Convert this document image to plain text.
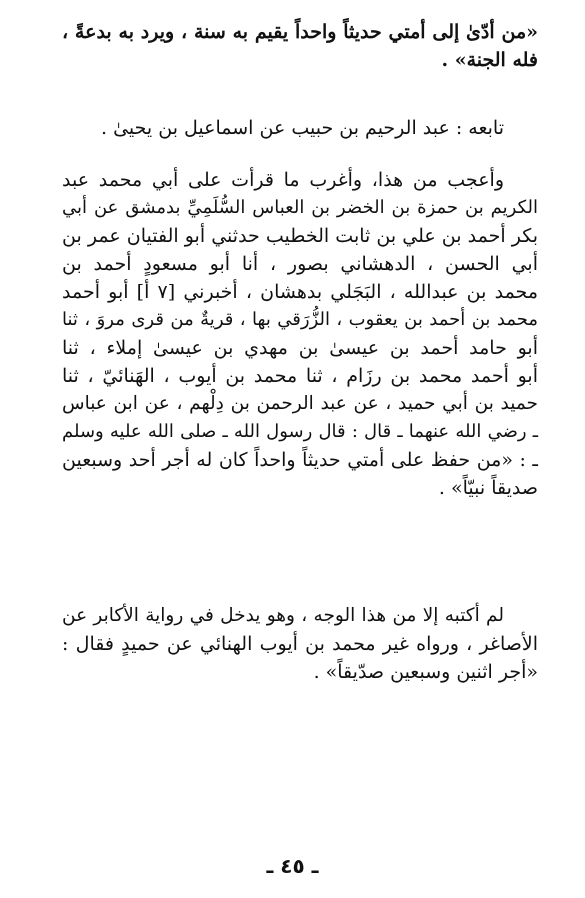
«من أدّىٰ إلى أمتي حديثاً واحداً يقيم به سنة ، ويرد به بدعةً ،
فله الجنة» .
تابعه : عبد الرحيم بن حبيب عن اسماعيل بن يحيىٰ .
وأعجب من هذا، وأغرب ما قرأت على أبي محمد عبد
الكريم بن حمزة بن الخضر بن العباس السُّلَمِيِّ بدمشق عن أبي
بكر أحمد بن علي بن ثابت الخطيب حدثني أبو الفتيان عمر بن
أبي الحسن ، الدهشاني بصور ، أنا أبو مسعودٍ أحمد بن
محمد بن عبدالله ، البَجَلي بدهشان ، أخبرني [٧ أ] أبو أحمد
محمد بن أحمد بن يعقوب ، الزُّرَقي بها ، قريةٌ من قرى مروَ ، ثنا
أبو حامد أحمد بن عيسىٰ بن مهدي بن عيسىٰ إملاء ، ثنا
أبو أحمد محمد بن رزَام ، ثنا محمد بن أيوب ، الهَنائيّ ، ثنا
حميد بن أبي حميد ، عن عبد الرحمن بن دِلْهم ، عن ابن عباس
ـ رضي الله عنهما ـ قال : قال رسول الله ـ صلى الله عليه وسلم
ـ : «من حفظ على أمتي حديثاً واحداً كان له أجر أحد وسبعين
صديقاً نبيّاً» .
لم أكتبه إلا من هذا الوجه ، وهو يدخل في رواية الأكابر عن
الأصاغر ، ورواه غير محمد بن أيوب الهنائي عن حميدٍ فقال :
«أجر اثنين وسبعين صدّيقاً» .
ـ ٤٥ ـ
